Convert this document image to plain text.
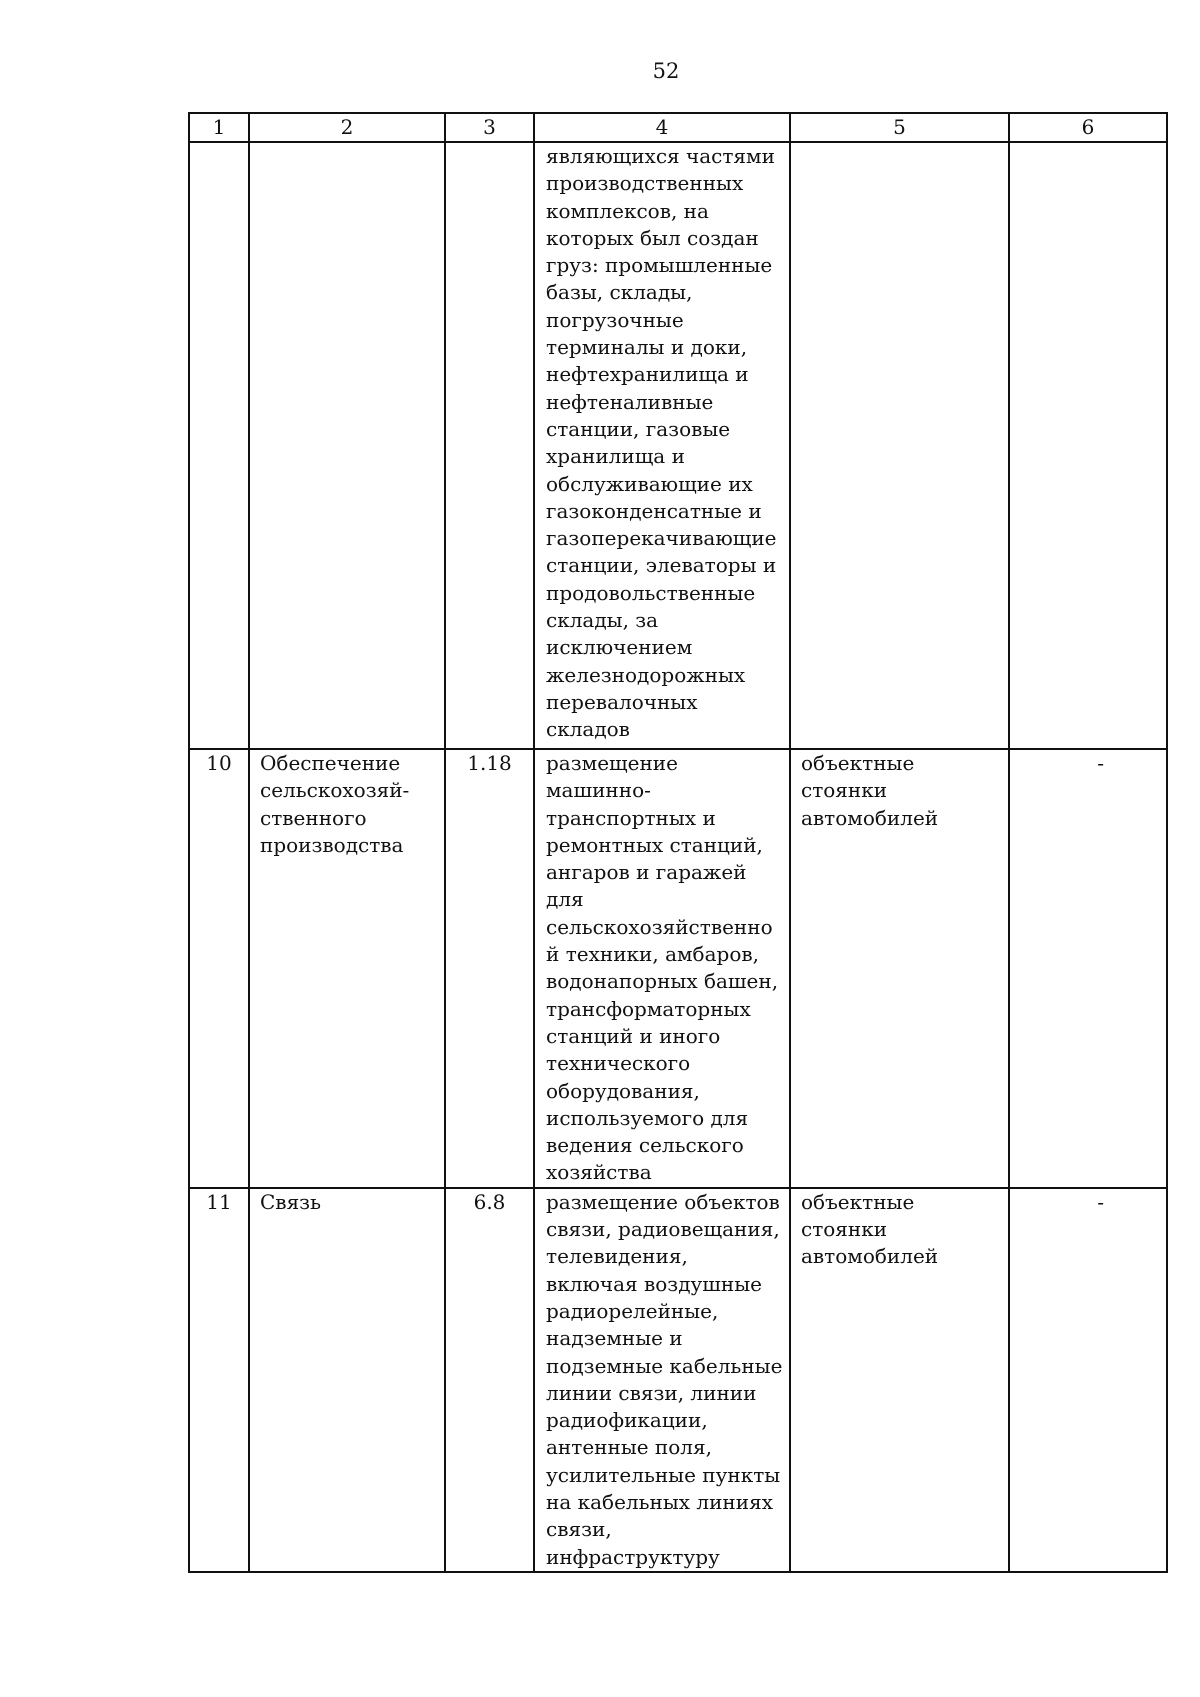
52
1	2	3	4	5	6
			являющихся частями производственных комплексов, на которых был создан груз: промышленные базы, склады, погрузочные терминалы и доки, нефтехранилища и нефтеналивные станции, газовые хранилища и обслуживающие их газоконденсатные и газоперекачивающие станции, элеваторы и продовольственные склады, за исключением железнодорожных перевалочных складов		
10	Обеспечение сельскохозяй-ственного производства	1.18	размещение машинно-транспортных и ремонтных станций, ангаров и гаражей для сельскохозяйственной техники, амбаров, водонапорных башен, трансформаторных станций и иного технического оборудования, используемого для ведения сельского хозяйства	объектные стоянки автомобилей	-
11	Связь	6.8	размещение объектов связи, радиовещания, телевидения, включая воздушные радиорелейные, надземные и подземные кабельные линии связи, линии радиофикации, антенные поля, усилительные пункты на кабельных линиях связи, инфраструктуру	объектные стоянки автомобилей	-
